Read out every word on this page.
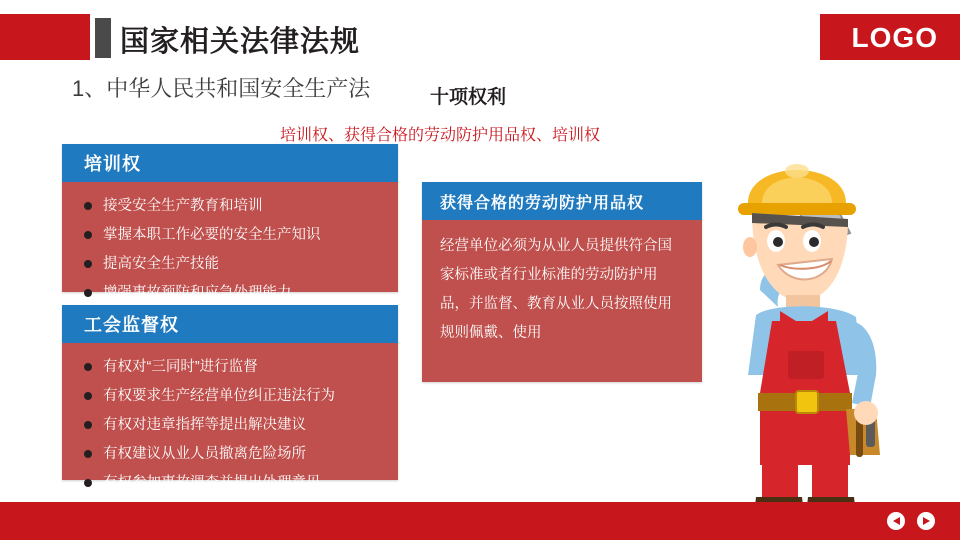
国家相关法律法规	LOGO
1、中华人民共和国安全生产法	十项权利
培训权、获得合格的劳动防护用品权、培训权
培训权
接受安全生产教育和培训
掌握本职工作必要的安全生产知识
提高安全生产技能
增强事故预防和应急处理能力
工会监督权
有权对“三同时”进行监督
有权要求生产经营单位纠正违法行为
有权对违章指挥等提出解决建议
有权建议从业人员撤离危险场所
有权参加事故调查并提出处理意见
获得合格的劳动防护用品权
经营单位必须为从业人员提供符合国家标准或者行业标准的劳动防护用品，并监督、教育从业人员按照使用规则佩戴、使用
